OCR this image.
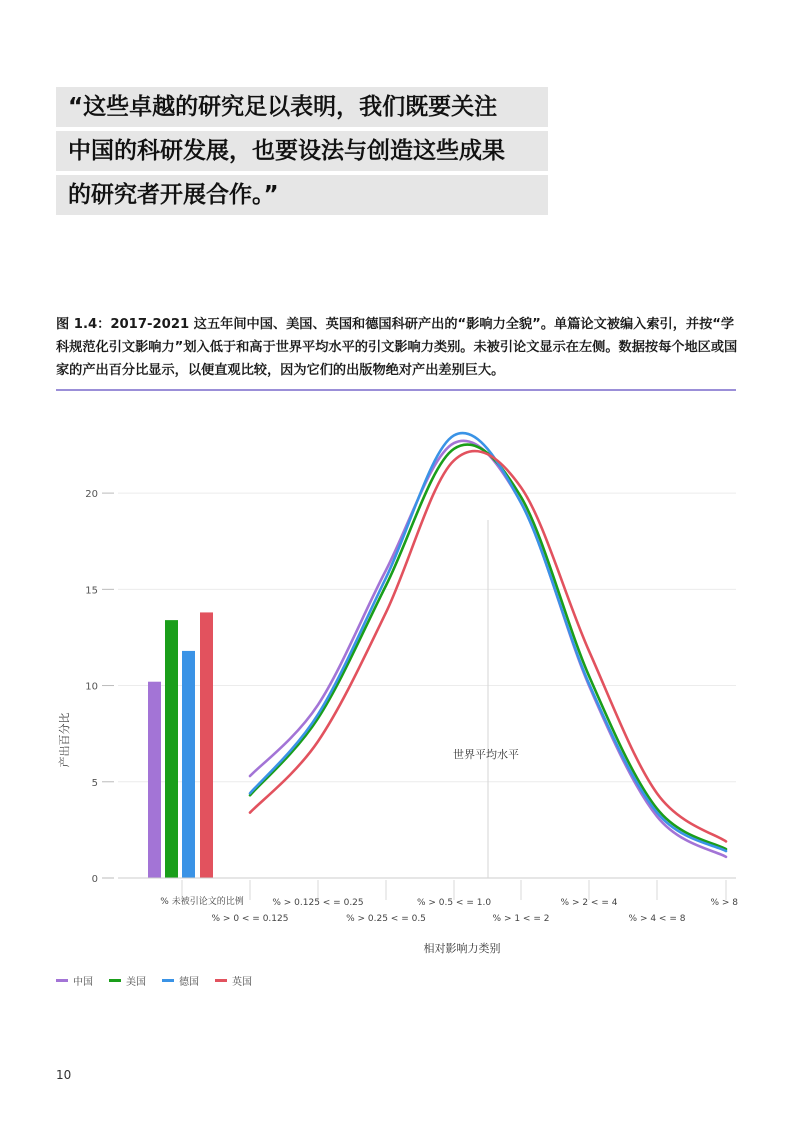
“这些卓越的研究足以表明，我们既要关注
中国的科研发展，也要设法与创造这些成果
的研究者开展合作。”
图 1.4：2017-2021 这五年间中国、美国、英国和德国科研产出的“影响力全貌”。单篇论文被编入索引，并按“学科规范化引文影响力”划入低于和高于世界平均水平的引文影响力类别。未被引论文显示在左侧。数据按每个地区或国家的产出百分比显示，以便直观比较，因为它们的出版物绝对产出差别巨大。
0
5
10
15
20
产出百分比
% 未被引论文的比例
% > 0 < = 0.125
% > 0.125 < = 0.25
% > 0.25 < = 0.5
% > 0.5 < = 1.0
% > 1 < = 2
% > 2 < = 4
% > 4 < = 8
% > 8
相对影响力类别
世界平均水平
中国	美国	德国	英国
10
